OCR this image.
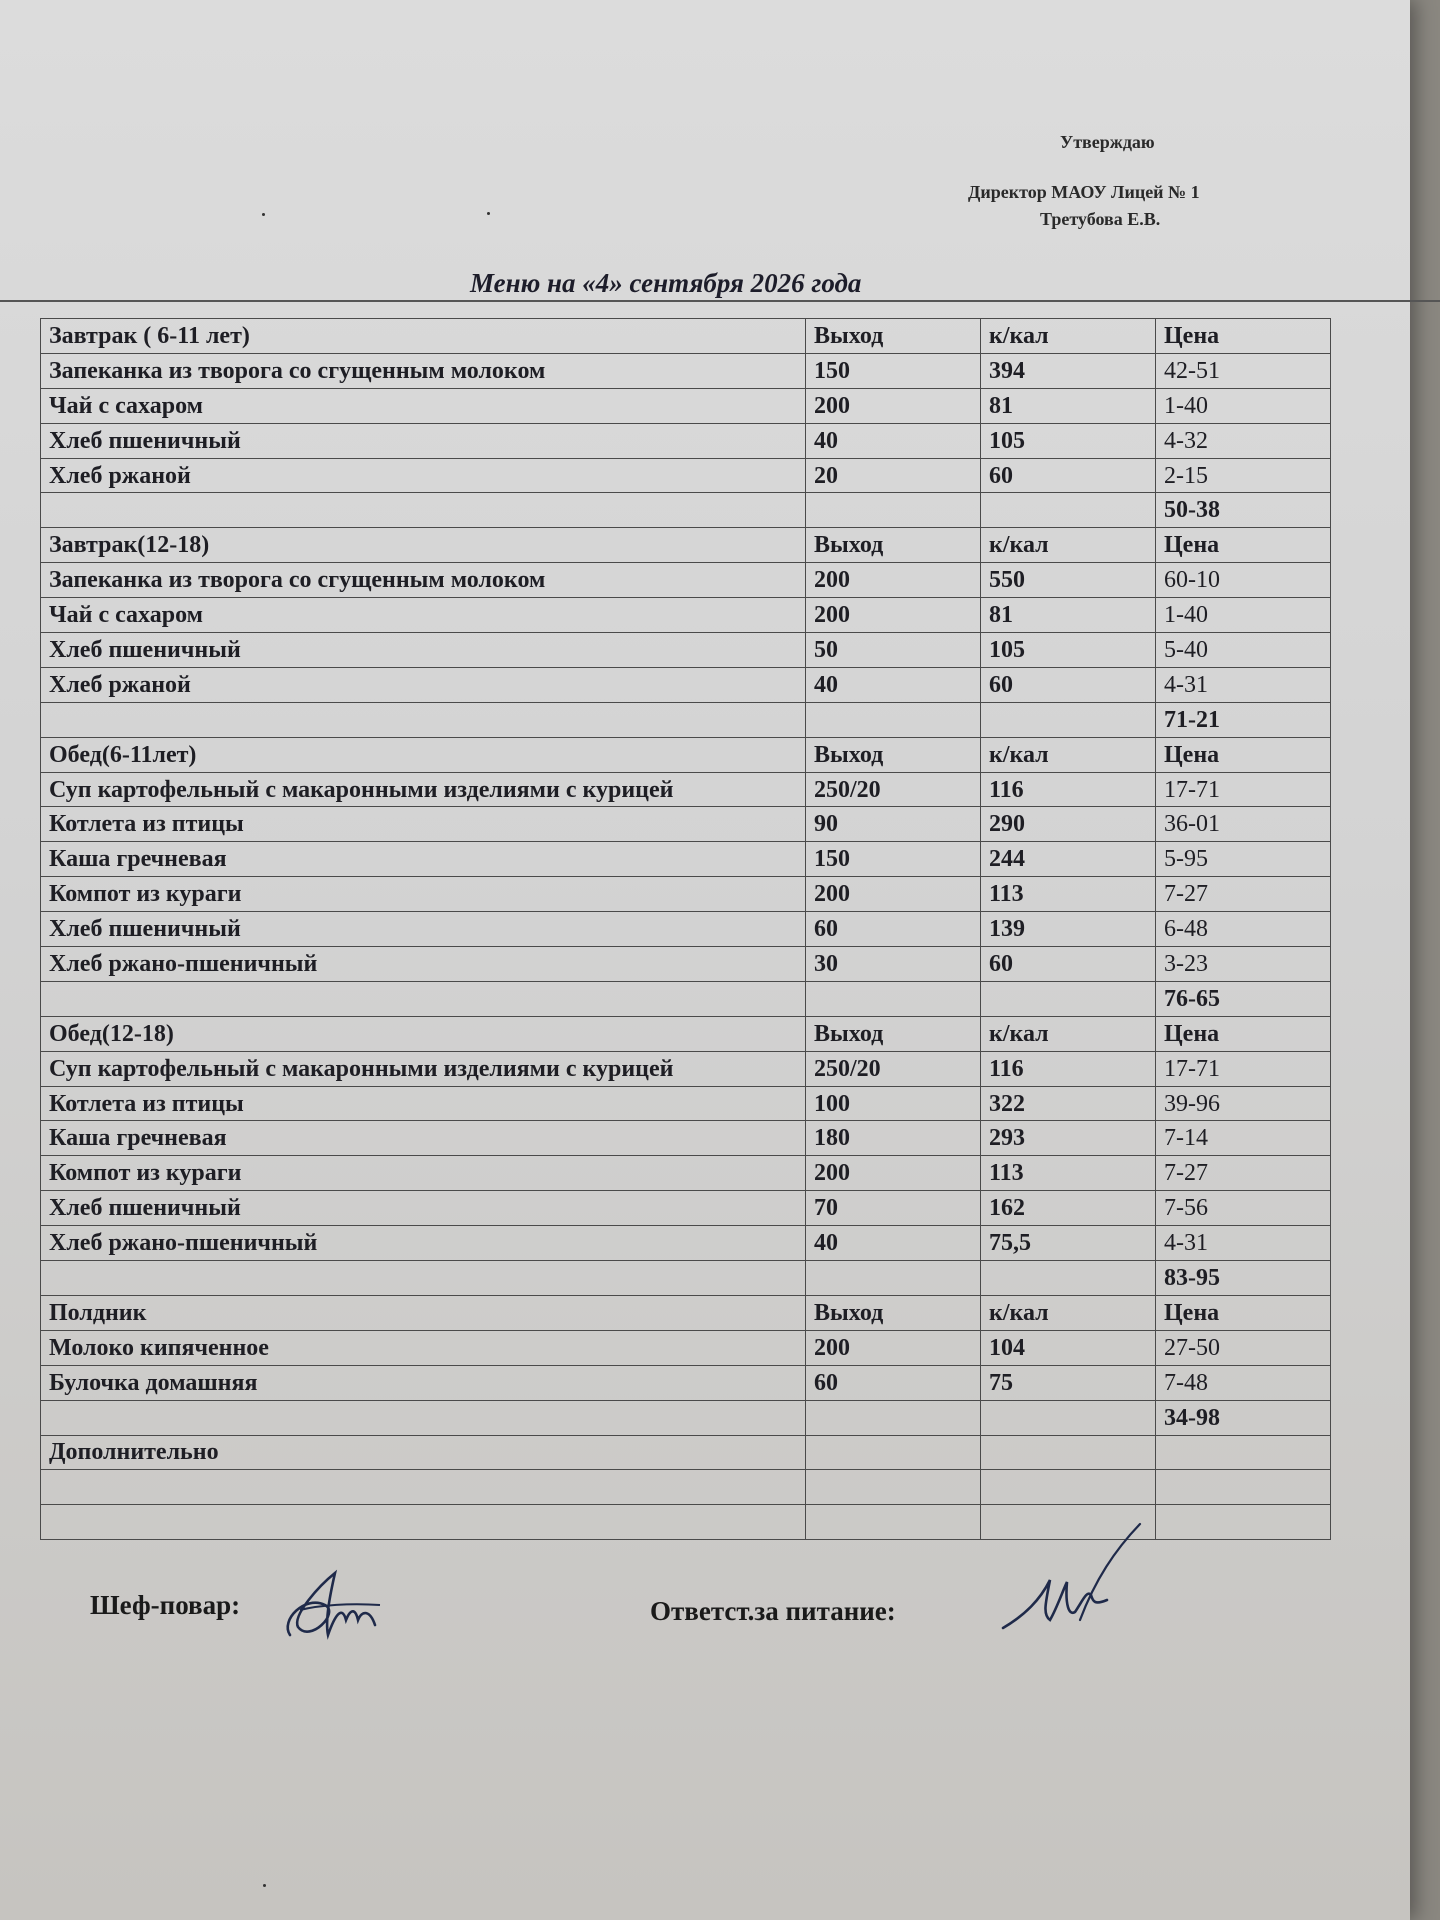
Утверждаю
Директор МАОУ Лицей № 1
Третубова Е.В.
Меню на «4» сентября 2026 года
Завтрак ( 6-11 лет)	Выход	к/кал	Цена
Запеканка из творога со сгущенным молоком	150	394	42-51
Чай с сахаром	200	81	1-40
Хлеб пшеничный	40	105	4-32
Хлеб ржаной	20	60	2-15
			50-38
Завтрак(12-18)	Выход	к/кал	Цена
Запеканка из творога со сгущенным молоком	200	550	60-10
Чай с сахаром	200	81	1-40
Хлеб пшеничный	50	105	5-40
Хлеб ржаной	40	60	4-31
			71-21
Обед(6-11лет)	Выход	к/кал	Цена
Суп картофельный с макаронными изделиями с курицей	250/20	116	17-71
Котлета из птицы	90	290	36-01
Каша гречневая	150	244	5-95
Компот из кураги	200	113	7-27
Хлеб пшеничный	60	139	6-48
Хлеб ржано-пшеничный	30	60	3-23
			76-65
Обед(12-18)	Выход	к/кал	Цена
Суп картофельный с макаронными изделиями с курицей	250/20	116	17-71
Котлета из птицы	100	322	39-96
Каша гречневая	180	293	7-14
Компот из кураги	200	113	7-27
Хлеб пшеничный	70	162	7-56
Хлеб ржано-пшеничный	40	75,5	4-31
			83-95
Полдник	Выход	к/кал	Цена
Молоко кипяченное	200	104	27-50
Булочка домашняя	60	75	7-48
			34-98
Дополнительно			

Шеф-повар:	Ответст.за питание:
